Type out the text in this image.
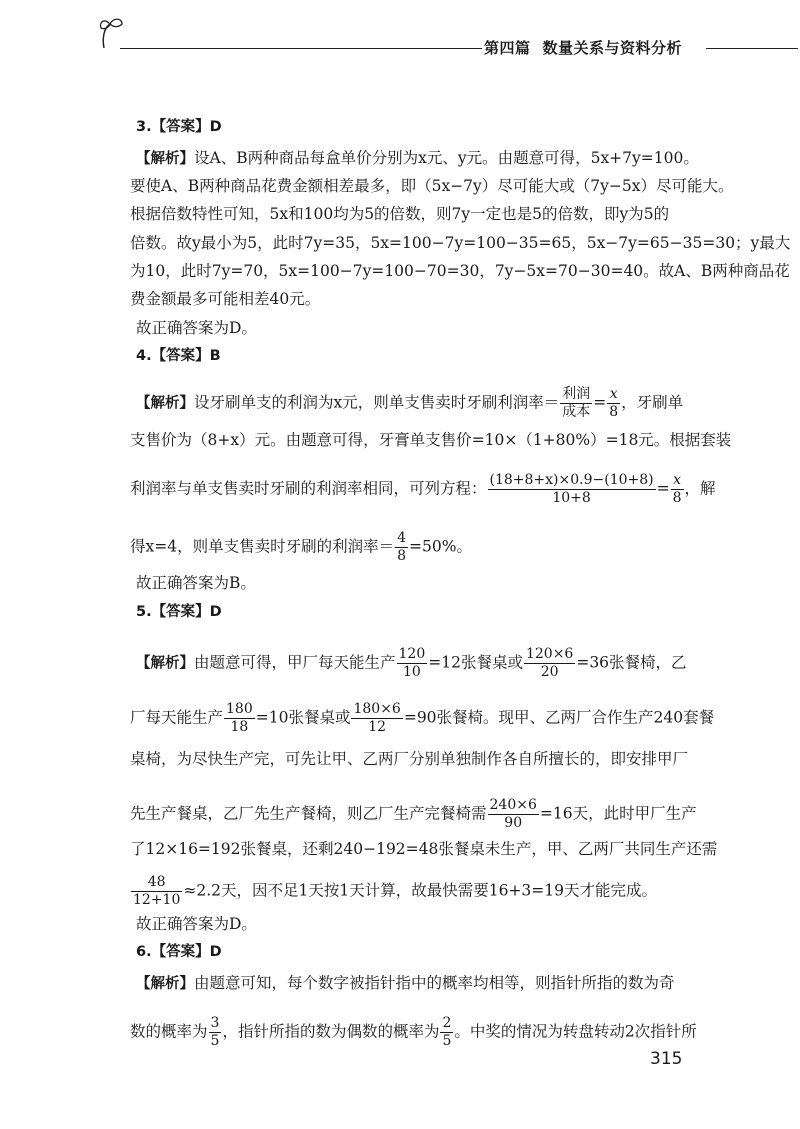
第四篇 数量关系与资料分析
3.【答案】D
【解析】设A、B两种商品每盒单价分别为x元、y元。由题意可得，5x+7y=100。
要使A、B两种商品花费金额相差最多，即（5x−7y）尽可能大或（7y−5x）尽可能大。
根据倍数特性可知，5x和100均为5的倍数，则7y一定也是5的倍数，即y为5的
倍数。故y最小为5，此时7y=35，5x=100−7y=100−35=65，5x−7y=65−35=30；y最大
为10，此时7y=70，5x=100−7y=100−70=30，7y−5x=70−30=40。故A、B两种商品花
费金额最多可能相差40元。
故正确答案为D。
4.【答案】B
【解析】设牙刷单支的利润为x元，则单支售卖时牙刷利润率＝ $\frac{\text{利润}}{\text{成本}} = \frac{x}{8}$ ，牙刷单
支售价为（8+x）元。由题意可得，牙膏单支售价=10×（1+80%）=18元。根据套装
利润率与单支售卖时牙刷的利润率相同，可列方程： $\frac{(18+8+x)\times 0.9-(10+8)}{10+8} = \frac{x}{8}$ ，解
得x=4，则单支售卖时牙刷的利润率＝ $\frac{4}{8} =50\%$。
故正确答案为B。
5.【答案】D
【解析】由题意可得，甲厂每天能生产 $\frac{120}{10} =12$张餐桌或 $\frac{120\times 6}{20} =36$张餐椅，乙
厂每天能生产 $\frac{180}{18} =10$张餐桌或 $\frac{180\times 6}{12} =90$张餐椅。现甲、乙两厂合作生产240套餐
桌椅，为尽快生产完，可先让甲、乙两厂分别单独制作各自所擅长的，即安排甲厂
先生产餐桌，乙厂先生产餐椅，则乙厂生产完餐椅需 $\frac{240\times 6}{90} =16$天，此时甲厂生产
了12×16=192张餐桌，还剩240−192=48张餐桌未生产，甲、乙两厂共同生产还需
$\frac{48}{12+10} \approx 2.2$天，因不足1天按1天计算，故最快需要16+3=19天才能完成。
故正确答案为D。
6.【答案】D
【解析】由题意可知，每个数字被指针指中的概率均相等，则指针所指的数为奇
数的概率为 $\frac{3}{5}$ ，指针所指的数为偶数的概率为 $\frac{2}{5}$ 。中奖的情况为转盘转动2次指针所
315
